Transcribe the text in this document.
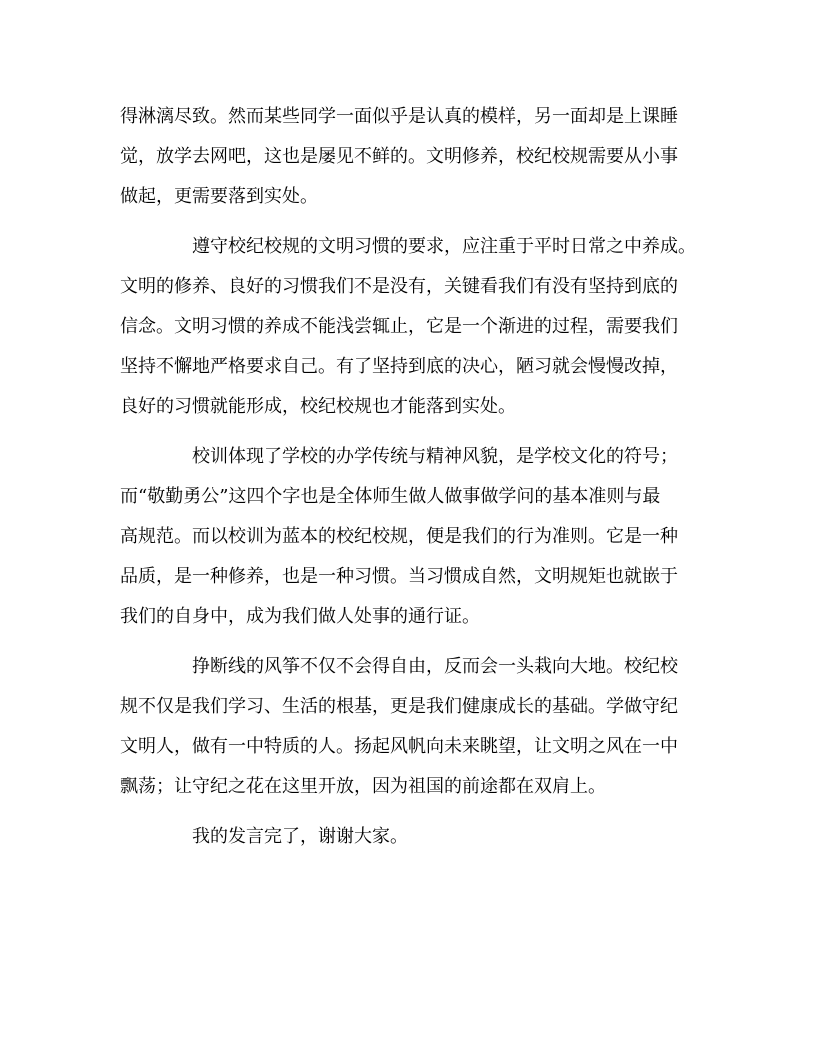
得淋漓尽致。然而某些同学一面似乎是认真的模样，另一面却是上课睡
觉，放学去网吧，这也是屡见不鲜的。文明修养，校纪校规需要从小事
做起，更需要落到实处。
遵守校纪校规的文明习惯的要求，应注重于平时日常之中养成。
文明的修养、良好的习惯我们不是没有，关键看我们有没有坚持到底的
信念。文明习惯的养成不能浅尝辄止，它是一个渐进的过程，需要我们
坚持不懈地严格要求自己。有了坚持到底的决心，陋习就会慢慢改掉，
良好的习惯就能形成，校纪校规也才能落到实处。
校训体现了学校的办学传统与精神风貌，是学校文化的符号；
而“敬勤勇公”这四个字也是全体师生做人做事做学问的基本准则与最
高规范。而以校训为蓝本的校纪校规，便是我们的行为准则。它是一种
品质，是一种修养，也是一种习惯。当习惯成自然，文明规矩也就嵌于
我们的自身中，成为我们做人处事的通行证。
挣断线的风筝不仅不会得自由，反而会一头栽向大地。校纪校
规不仅是我们学习、生活的根基，更是我们健康成长的基础。学做守纪
文明人，做有一中特质的人。扬起风帆向未来眺望，让文明之风在一中
飘荡；让守纪之花在这里开放，因为祖国的前途都在双肩上。
我的发言完了，谢谢大家。
